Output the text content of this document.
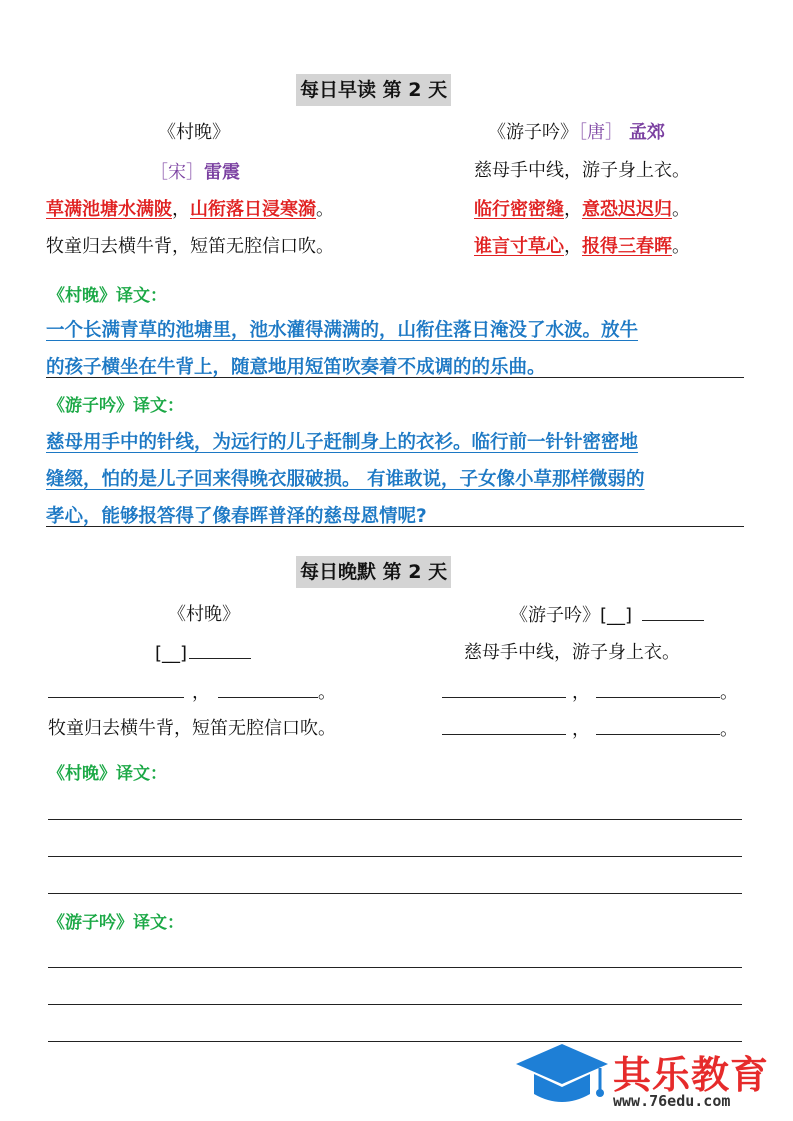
每日早读 第 2 天
《村晚》
［宋］雷震
草满池塘水满陂，山衔落日浸寒漪。
牧童归去横牛背，短笛无腔信口吹。
《游子吟》［唐］ 孟郊
慈母手中线，游子身上衣。
临行密密缝，意恐迟迟归。
谁言寸草心，报得三春晖。
《村晚》译文：
一个长满青草的池塘里，池水灌得满满的，山衔住落日淹没了水波。放牛
的孩子横坐在牛背上，随意地用短笛吹奏着不成调的的乐曲。
《游子吟》译文：
慈母用手中的针线，为远行的儿子赶制身上的衣衫。临行前一针针密密地
缝缀，怕的是儿子回来得晚衣服破损。 有谁敢说，子女像小草那样微弱的
孝心，能够报答得了像春晖普泽的慈母恩情呢?
每日晚默 第 2 天
《村晚》
[__]
，	。
牧童归去横牛背，短笛无腔信口吹。
《游子吟》[__]
慈母手中线，游子身上衣。
，	。
，	。
《村晚》译文：
《游子吟》译文：
其乐教育
www.76edu.com
